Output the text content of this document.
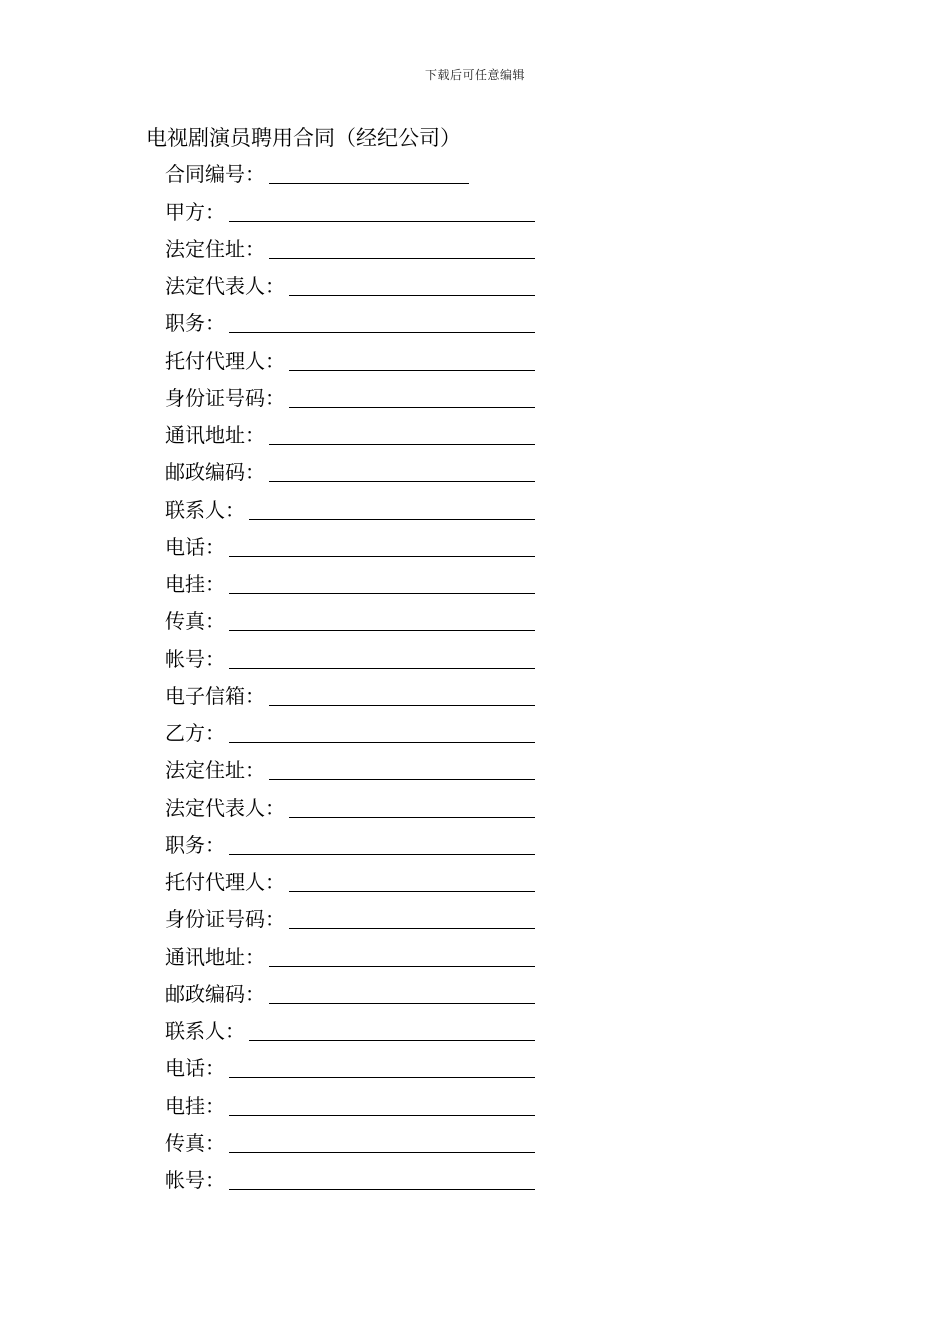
下载后可任意编辑
电视剧演员聘用合同（经纪公司）
合同编号：
甲方：
法定住址：
法定代表人：
职务：
托付代理人：
身份证号码：
通讯地址：
邮政编码：
联系人：
电话：
电挂：
传真：
帐号：
电子信箱：
乙方：
法定住址：
法定代表人：
职务：
托付代理人：
身份证号码：
通讯地址：
邮政编码：
联系人：
电话：
电挂：
传真：
帐号：
